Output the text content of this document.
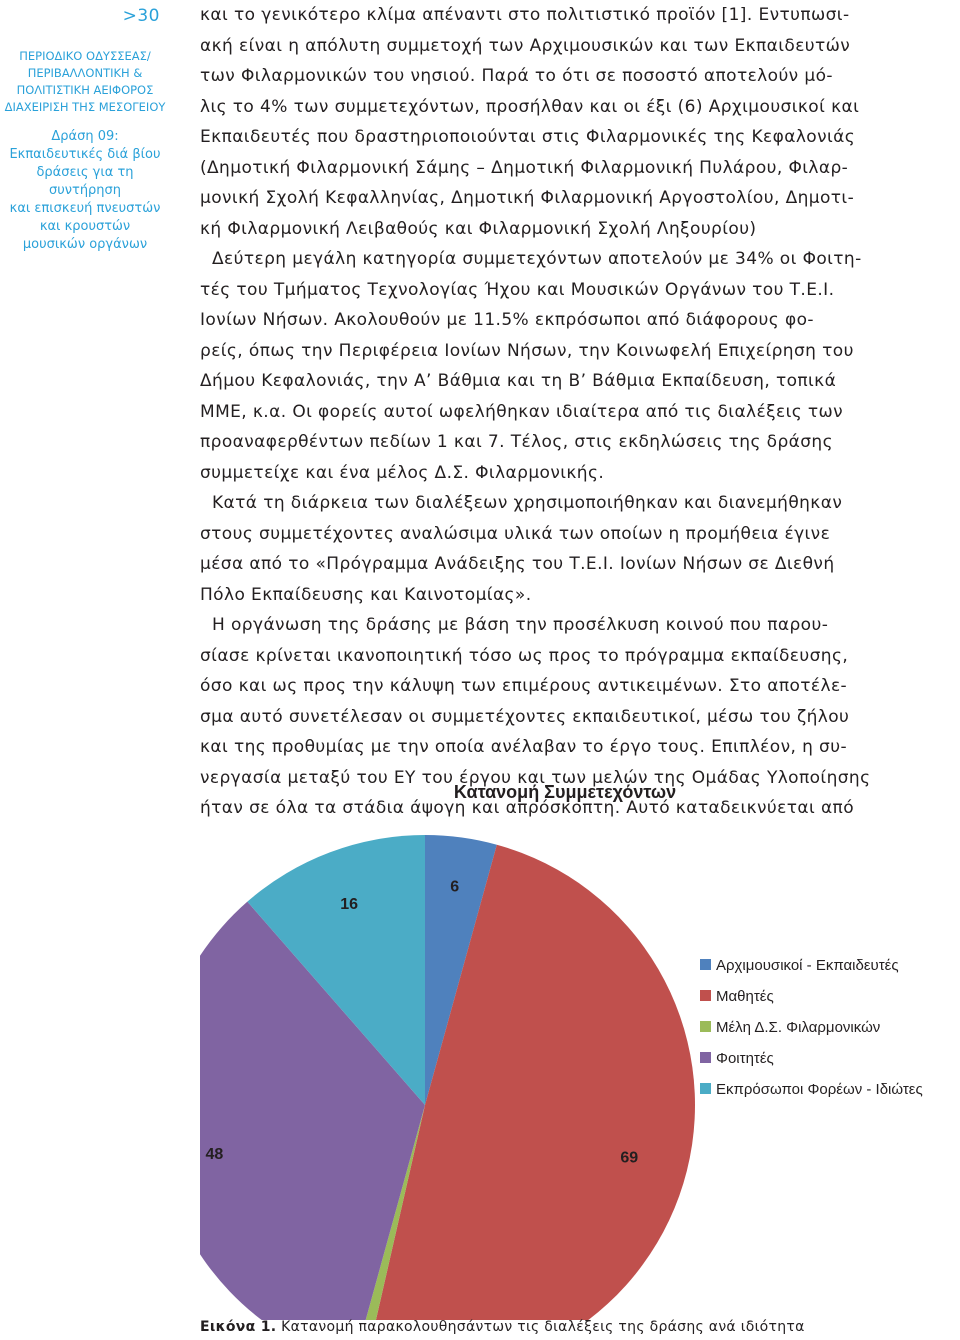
>30
ΠΕΡΙΟΔΙΚΟ ΟΔΥΣΣΕΑΣ/
ΠΕΡΙΒΑΛΛΟΝΤΙΚΗ &
ΠΟΛΙΤΙΣΤΙΚΗ ΑΕΙΦΟΡΟΣ
ΔΙΑΧΕΙΡΙΣΗ ΤΗΣ ΜΕΣΟΓΕΙΟΥ
Δράση 09:
Εκπαιδευτικές διά βίου
δράσεις για τη συντήρηση
και επισκευή πνευστών
και κρουστών
μουσικών οργάνων

και το γενικότερο κλίμα απέναντι στο πολιτιστικό προϊόν [1]. Εντυπωσι-
ακή είναι η απόλυτη συμμετοχή των Αρχιμουσικών και των Εκπαιδευτών
των Φιλαρμονικών του νησιού. Παρά το ότι σε ποσοστό αποτελούν μό-
λις το 4% των συμμετεχόντων, προσήλθαν και οι έξι (6) Αρχιμουσικοί και
Εκπαιδευτές που δραστηριοποιούνται στις Φιλαρμονικές της Κεφαλονιάς
(Δημοτική Φιλαρμονική Σάμης – Δημοτική Φιλαρμονική Πυλάρου, Φιλαρ-
μονική Σχολή Κεφαλληνίας, Δημοτική Φιλαρμονική Αργοστολίου, Δημοτι-
κή Φιλαρμονική Λειβαθούς και Φιλαρμονική Σχολή Ληξουρίου)

Δεύτερη μεγάλη κατηγορία συμμετεχόντων αποτελούν με 34% οι Φοιτη-
τές του Τμήματος Τεχνολογίας Ήχου και Μουσικών Οργάνων του Τ.Ε.Ι.
Ιονίων Νήσων. Ακολουθούν με 11.5% εκπρόσωποι από διάφορους φο-
ρείς, όπως την Περιφέρεια Ιονίων Νήσων, την Κοινωφελή Επιχείρηση του
Δήμου Κεφαλονιάς, την Α’ Βάθμια και τη Β’ Βάθμια Εκπαίδευση, τοπικά
ΜΜΕ, κ.α. Οι φορείς αυτοί ωφελήθηκαν ιδιαίτερα από τις διαλέξεις των
προαναφερθέντων πεδίων 1 και 7. Τέλος, στις εκδηλώσεις της δράσης
συμμετείχε και ένα μέλος Δ.Σ. Φιλαρμονικής.

Κατά τη διάρκεια των διαλέξεων χρησιμοποιήθηκαν και διανεμήθηκαν
στους συμμετέχοντες αναλώσιμα υλικά των οποίων η προμήθεια έγινε
μέσα από το «Πρόγραμμα Ανάδειξης του Τ.Ε.Ι. Ιονίων Νήσων σε Διεθνή
Πόλο Εκπαίδευσης και Καινοτομίας».

Η οργάνωση της δράσης με βάση την προσέλκυση κοινού που παρου-
σίασε κρίνεται ικανοποιητική τόσο ως προς το πρόγραμμα εκπαίδευσης,
όσο και ως προς την κάλυψη των επιμέρους αντικειμένων. Στο αποτέλε-
σμα αυτό συνετέλεσαν οι συμμετέχοντες εκπαιδευτικοί, μέσω του ζήλου
και της προθυμίας με την οποία ανέλαβαν το έργο τους. Επιπλέον, η συ-
νεργασία μεταξύ του ΕΥ του έργου και των μελών της Ομάδας Υλοποίησης
ήταν σε όλα τα στάδια άψογη και απρόσκοπτη. Αυτό καταδεικνύεται από

Κατανομή Συμμετεχόντων
6
69
48
16
Αρχιμουσικοί - Εκπαιδευτές
Μαθητές
Μέλη Δ.Σ. Φιλαρμονικών
Φοιτητές
Εκπρόσωποι Φορέων - Ιδιώτες
Εικόνα 1. Κατανομή παρακολουθησάντων τις διαλέξεις της δράσης ανά ιδιότητα
